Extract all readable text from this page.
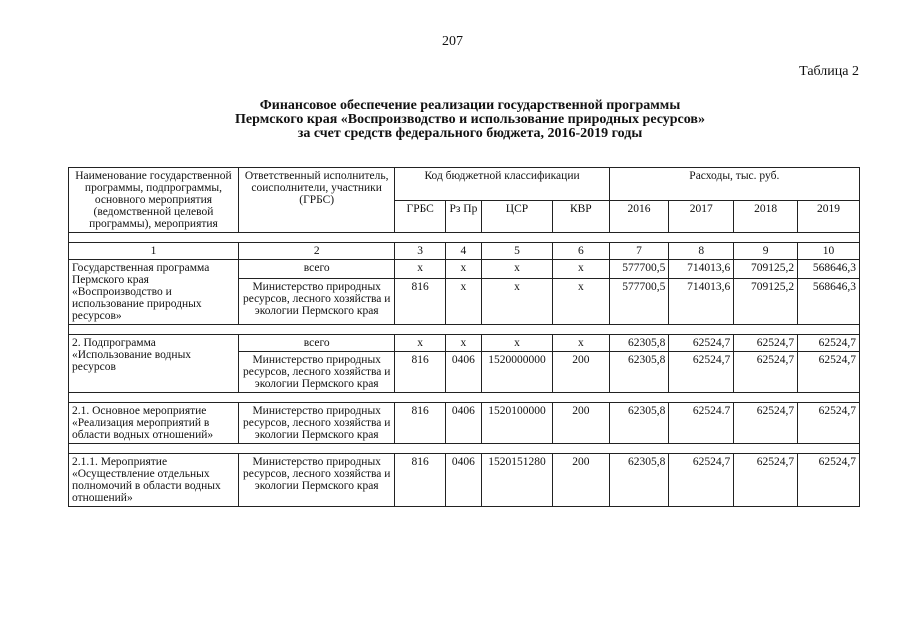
207
Таблица 2
Финансовое обеспечение реализации государственной программы
Пермского края «Воспроизводство и использование природных ресурсов»
за счет средств федерального бюджета, 2016-2019 годы
Наименование государственной программы, подпрограммы, основного мероприятия (ведомственной целевой программы), мероприятия	Ответственный исполнитель, соисполнители, участники (ГРБС)	Код бюджетной классификации				Расходы, тыс. руб.			
		ГРБС	Рз Пр	ЦСР	КВР	2016	2017	2018	2019

1	2	3	4	5	6	7	8	9	10
Государственная программа Пермского края «Воспроизводство и использование природных ресурсов»	всего	x	x	x	x	577700,5	714013,6	709125,2	568646,3
	Министерство природных ресурсов, лесного хозяйства и экологии Пермского края	816	x	x	x	577700,5	714013,6	709125,2	568646,3

2. Подпрограмма «Использование водных ресурсов	всего	x	x	x	x	62305,8	62524,7	62524,7	62524,7
	Министерство природных ресурсов, лесного хозяйства и экологии Пермского края	816	0406	1520000000	200	62305,8	62524,7	62524,7	62524,7

2.1. Основное мероприятие «Реализация мероприятий в области водных отношений»	Министерство природных ресурсов, лесного хозяйства и экологии Пермского края	816	0406	1520100000	200	62305,8	62524.7	62524,7	62524,7

2.1.1. Мероприятие «Осуществление отдельных полномочий в области водных отношений»	Министерство природных ресурсов, лесного хозяйства и экологии Пермского края	816	0406	1520151280	200	62305,8	62524,7	62524,7	62524,7
